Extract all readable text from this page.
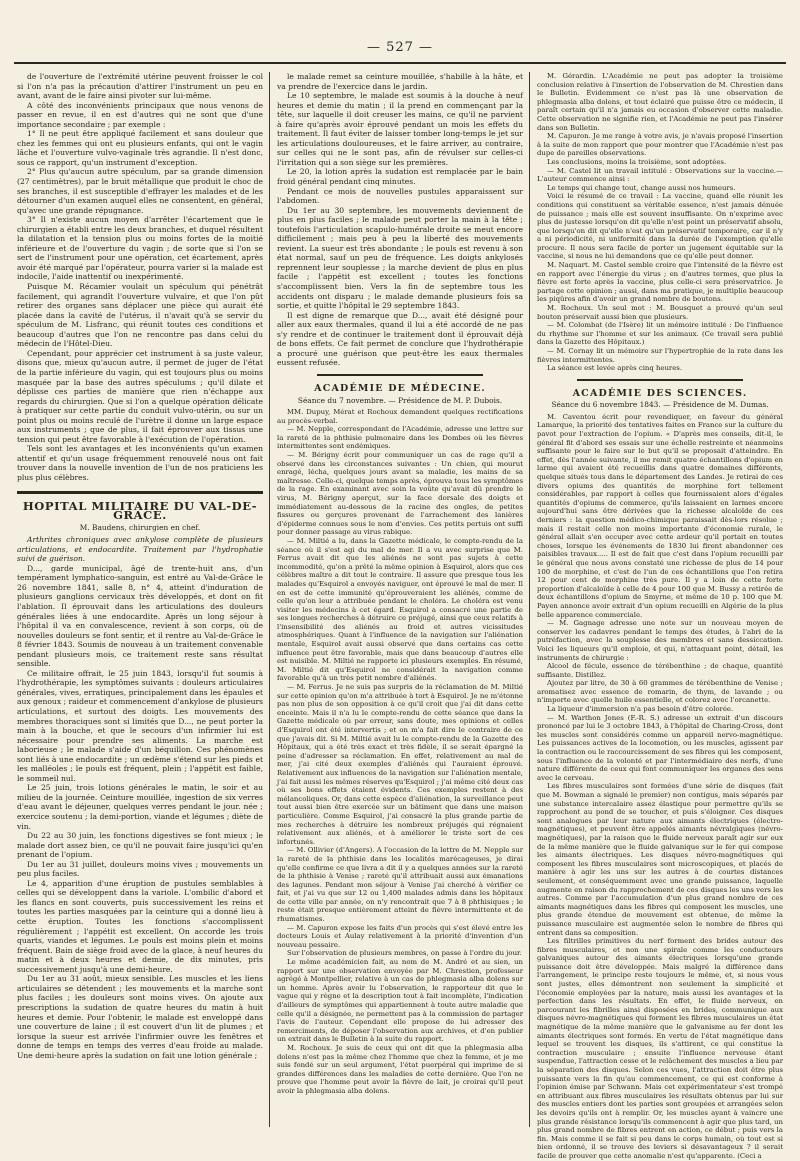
— 527 —

de l'ouverture de l'extrémité utérine peuvent froisser le col si l'on n'a pas la précaution d'attirer l'instrument un peu en avant, avant de le faire ainsi pivoter sur lui-même.

A côté des inconvénients principaux que nous venons de passer en revue, il en est d'autres qui ne sont que d'une importance secondaire ; par exemple :

1° Il ne peut être appliqué facilement et sans douleur que chez les femmes qui ont eu plusieurs enfants, qui ont le vagin lâche et l'ouverture vulvo-vaginale très agrandie. Il n'est donc, sous ce rapport, qu'un instrument d'exception.

2° Plus qu'aucun autre spéculum, par sa grande dimension (27 centimètres), par le bruit métallique que produit le choc de ses branches, il est susceptible d'effrayer les malades et de les détourner d'un examen auquel elles ne consentent, en général, qu'avec une grande répugnance.

3° Il n'existe aucun moyen d'arrêter l'écartement que le chirurgien a établi entre les deux branches, et duquel résultent la dilatation et la tension plus ou moins fortes de la moitié inférieure et de l'ouverture du vagin ; de sorte que si l'on se sert de l'instrument pour une opération, cet écartement, après avoir été marqué par l'opérateur, pourra varier si la malade est indocile, l'aide inattentif ou inexpérimenté.

Puisque M. Récamier voulait un spéculum qui pénétrât facilement, qui agrandît l'ouverture vulvaire, et que l'on pût retirer des organes sans déplacer une pièce qui aurait été placée dans la cavité de l'utérus, il n'avait qu'à se servir du spéculum de M. Lisfranc, qui réunit toutes ces conditions et beaucoup d'autres que l'on ne rencontre pas dans celui du médecin de l'Hôtel-Dieu.

Cependant, pour apprécier cet instrument à sa juste valeur, disons que, mieux qu'aucun autre, il permet de juger de l'état de la partie inférieure du vagin, qui est toujours plus ou moins masquée par la base des autres spéculums ; qu'il dilate et déplisse ces parties de manière que rien n'échappe aux regards du chirurgien. Que si l'on a quelque opération délicate à pratiquer sur cette partie du conduit vulvo-utérin, ou sur un point plus ou moins reculé de l'urètre il donne un large espace aux instruments ; que de plus, il fait éprouver aux tissus une tension qui peut être favorable à l'exécution de l'opération.

Tels sont les avantages et les inconvénients qu'un examen attentif et qu'un usage fréquemment renouvelé nous ont fait trouver dans la nouvelle invention de l'un de nos praticiens les plus plus célèbres.

HOPITAL MILITAIRE DU VAL-DE-GRACE.
M. Baudens, chirurgien en chef.

Arthrites chroniques avec ankylose complète de plusieurs articulations, et endocardite. Traitement par l'hydrophatie suivi de guérison.

D..., garde municipal, âgé de trente-huit ans, d'un tempérament lymphatico-sanguin, est entré au Val-de-Grâce le 26 novembre 1841, salle 8, n° 4, atteint d'induration de plusieurs ganglions cervicaux très développés, et dont on fit l'ablation. Il éprouvait dans les articulations des douleurs générales liées à une endocardite. Après un long séjour à l'hôpital il va en convalescence, revient à son corps, où de nouvelles douleurs se font sentir, et il rentre au Val-de-Grâce le 8 février 1843. Soumis de nouveau à un traitement convenable pendant plusieurs mois, ce traitement reste sans résultat sensible.

Ce militaire offrait, le 25 juin 1843, lorsqu'il fut soumis à l'hydrothérapie, les symptômes suivants : douleurs articulaires générales, vives, erratiques, principalement dans les épaules et aux genoux ; raideur et commencement d'ankylose de plusieurs articulations, et surtout des doigts. Les mouvements des membres thoraciques sont si limités que D..., ne peut porter la main à la bouche, et que le secours d'un infirmier lui est nécessaire pour prendre ses aliments. La marche est laborieuse ; le malade s'aide d'un béquillon. Ces phénomènes sont liés à une endocardite ; un œdème s'étend sur les pieds et les malléoles ; le pouls est fréquent, plein ; l'appétit est faible, le sommeil nul.

Le 25 juin, trois lotions générales le matin, le soir et au milieu de la journée. Ceinture mouillée, ingestion de six verres d'eau avant le déjeuner, quelques verres pendant le jour. née ; exercice soutenu ; la demi-portion, viande et légumes ; diète de vin.

Du 22 au 30 juin, les fonctions digestives se font mieux ; le malade dort assez bien, ce qu'il ne pouvait faire jusqu'ici qu'en prenant de l'opium.

Du 1er au 31 juillet, douleurs moins vives ; mouvements un peu plus faciles.

Le 4, apparition d'une éruption de pustules semblables à celles qui se développent dans la variole. L'ombilic d'abord et les flancs en sont couverts, puis successivement les reins et toutes les parties masquées par la ceinture qui a donné lieu à cette éruption. Toutes les fonctions s'accomplissent régulièrement ; l'appétit est excellent. On accorde les trois quarts, viandes et légumes. Le pouls est moins plein et moins fréquent. Bain de siège froid avec de la glace, à neuf heures du matin et à deux heures et demie, de dix minutes, pris successivement jusqu'à une demi-heure.

Du 1er au 31 août, mieux sensible. Les muscles et les liens articulaires se détendent ; les mouvements et la marche sont plus faciles ; les douleurs sont moins vives. On ajoute aux prescriptions la sudation de quatre heures du matin à huit heures et demie. Pour l'obtenir, le malade est enveloppé dans une couverture de laine ; il est couvert d'un lit de plumes ; et lorsque la sueur est arrivée l'infirmier ouvre les fenêtres et donne de temps en temps des verres d'eau froide au malade. Une demi-heure après la sudation on fait une lotion générale ;

le malade remet sa ceinture mouillée, s'habille à la hâte, et va prendre de l'exercice dans le jardin.

Le 10 septembre, le malade est soumis à la douche à neuf heures et demie du matin ; il la prend en commençant par la tête, sur laquelle il doit creuser les mains, ce qu'il ne parvient à faire qu'après avoir éprouvé pendant un mois les effets du traitement. Il faut éviter de laisser tomber long-temps le jet sur les articulations douloureuses, et le faire arriver, au contraire, sur celles qui ne le sont pas, afin de révulser sur celles-ci l'irritation qui a son siège sur les premières.

Le 20, la lotion après la sudation est remplacée par le bain froid général pendant cinq minutes.

Pendant ce mois de nouvelles pustules apparaissent sur l'abdomen.

Du 1er au 30 septembre, les mouvements deviennent de plus en plus faciles ; le malade peut porter la main à la tête ; toutefois l'articulation scapulo-humérale droite se meut encore difficilement ; mais peu à peu la liberté des mouvements revient. La sueur est très abondante ; le pouls est revenu à son état normal, sauf un peu de fréquence. Les doigts ankylosés reprennent leur souplesse ; la marche devient de plus en plus facile ; l'appétit est excellent ; toutes les fonctions s'accomplissent bien. Vers la fin de septembre tous les accidents ont disparu ; le malade demande plusieurs fois sa sortie, et quitte l'hôpital le 29 septembre 1843.

Il est digne de remarque que D..., avait été désigné pour aller aux eaux thermales, quand il lui a été accordé de ne pas s'y rendre et de continuer le traitement dont il éprouvait déjà de bons effets. Ce fait permet de conclure que l'hydrothérapie a procuré une guérison que peut-être les eaux thermales eussent refusée.

ACADÉMIE DE MÉDECINE.
Séance du 7 novembre. — Présidence de M. P. Dubois.

MM. Dupuy, Mérat et Rochoux demandent quelques rectifications au procès-verbal.

— M. Nepple, correspondant de l'Académie, adresse une lettre sur la rareté de la phthisie pulmonaire dans les Dombes où les fièvres intermittentes sont endémiques.

— M. Bérigny écrit pour communiquer un cas de rage qu'il a observé dans les circonstances suivantes : Un chien, qui mourut enragé, lécha, quelques jours avant sa maladie, les mains de sa maîtresse. Celle-ci, quelque temps après, éprouva tous les symptômes de la rage. En examinant avec soin la voûte qu'avait dû prendre le virus, M. Bérigny aperçut, sur la face dorsale des doigts et immédiatement au-dessous de la racine des ongles, de petites fissures ou gerçures provenant de l'arrachement des lanières d'épiderme connues sous le nom d'envies. Ces petits pertuis ont suffi pour donner passage au virus rabique.

— M. Miltié a lu, dans la Gazette médicale, le compte-rendu de la séance où il s'est agi du mal de mer. Il a vu avec surprise que M. Ferrus avait dit que les aliénés ne sont pas sujets à cette incommodité, qu'on a prêté la même opinion à Esquirol, alors que ces célèbres maître a dit tout le contraire. Il assure que presque tous les malades qu'Esquirol a envoyés naviguer, ont éprouvé le mal de mer. Il en est de cette immunité qu'éprouveraient les aliénés, comme de celle qu'on leur a attribuée pendant le choléra. Le choléra est venu visiter les médecins à cet égard. Esquirol a consacré une partie de ses longues recherches à détruire ce préjugé, ainsi que ceux relatifs à l'insensibilité des aliénés au froid et autres vicissitudes atmosphériques. Quant à l'influence de la navigation sur l'aliénation mentale, Esquirol avait aussi observé que dans certains cas cette influence peut être favorable, mais que dans beaucoup d'autres elle est nuisible. M. Miltié ne rapporte ici plusieurs exemples. En résumé, M. Miltié dit qu'Esquirol ne considérait la navigation comme favorable qu'à un très petit nombre d'aliénés.

— M. Ferrus. Je ne suis pas surpris de la réclamation de M. Miltié sur cette opinion qu'on m'a attribuée à tort à Esquirol. Je ne m'étonne pas non plus de son opposition à ce qu'il croit que j'ai dit dans cette enceinte. Mais il n'a lu le compte-rendu de cette séance que dans la Gazette médicale où par erreur, sans doute, mes opinions et celles d'Esquirol ont été intervertis ; et on m'a fait dire le contraire de ce que j'avais dit. Si M. Miltié avait lu le compte-rendu de la Gazette des Hôpitaux, qui a été très exact et très fidèle, il se serait épargné la peine d'adresser sa réclamation. En effet, relativement au mal de mer, j'ai cité deux exemples d'aliénés qui l'auraient éprouvé. Relativement aux influences de la navigation sur l'aliénation mentale, j'ai fait aussi les mêmes réserves qu'Esquirol ; j'ai même cité deux cas où ses bons effets étaient évidents. Ces exemples restent à des mélancoliques. Or, dans cette espèce d'aliénation, la surveillance peut tout aussi bien être exercée sur un bâtiment que dans une maison particulière. Comme Esquirol, j'ai consacré la plus grande partie de mes recherches à détruire les nombreux préjugés qui régnaient relativement aux aliénés, et à améliorer le triste sort de ces infortunés.

— M. Ollivier (d'Angers). A l'occasion de la lettre de M. Nepple sur la rareté de la phthisie dans les localités marécageuses, je dirai qu'elle confirme ce que livra a dit il y a quelques années sur la rareté de la phthisie à Venise ; rareté qu'il attribuait aussi aux émanations des lagunes. Pendant mon séjour à Venise j'ai cherché à vérifier ce fait, et j'ai vu que sur 12 ou 1,400 malades admis dans les hôpitaux de cette ville par année, on n'y rencontrait que 7 à 8 phthisiques ; le reste était presque entièrement atteint de fièvre intermittente et de rhumatismes.

— M. Capuron expose les faits d'un procès qui s'est élevé entre les docteurs Louis et Aulay relativement à la priorité d'invention d'un nouveau pessaire.

Sur l'observation de plusieurs membres, on passe à l'ordre du jour.

Le même académicien fait, au nom de M. André et au sien, un rapport sur une observation envoyée par M. Chrestien, professeur agrégé à Montpellier, relative à un cas de phlegmasia alba dolens sur un homme. Après avoir lu l'observation, le rapporteur dit que le vague qui y règne et la description tout à fait incomplète, l'indication d'ailleurs de symptômes qui appartiennent à toute autre maladie que celle qu'il a désignée, ne permettent pas à la commission de partager l'avis de l'auteur. Cependant elle propose de lui adresser des remerciments, de déposer l'observation aux archives, et d'en publier un extrait dans le Bulletin à la suite du rapport.

M. Rochoux. Je suis de ceux qui ont dit que la phlegmasia alba dolens n'est pas la même chez l'homme que chez la femme, et je me suis fondé sur un seul argument, l'état puerpéral qui imprime de si grandes différences dans les maladies de cette dernière. Que l'on ne prouve que l'homme peut avoir la fièvre de lait, je croirai qu'il peut avoir la phlegmasia alba dolens.

M. Gérardin. L'Académie ne peut pas adopter la troisième conclusion relative à l'insertion de l'observation de M. Chrestien dans le Bulletin. Évidemment ce n'est pas là une observation de phlegmasia alba dolens, et tout éclairé que puisse être ce médecin, il paraît certain qu'il n'a jamais eu occasion d'observer cette maladie. Cette observation ne signifie rien, et l'Académie ne peut pas l'insérer dans son Bulletin.

M. Capuron. Je me range à votre avis, je n'avais proposé l'insertion à la suite de mon rapport que pour montrer que l'Académie n'est pas dupe de pareilles observations.

Les conclusions, moins la troisième, sont adoptées.

— M. Castel lit un travail intitulé : Observations sur la vaccine.— L'auteur commence ainsi :

Le temps qui change tout, change aussi nos humeurs.

Voici le résumé de ce travail : La vaccine, quand elle réunit les conditions qui constituent sa véritable essence, n'est jamais dénuée de puissance ; mais elle est souvent insuffisante. On n'exprime avec plus de justesse lorsqu'on dit qu'elle n'est point un préservatif absolu, que lorsqu'on dit qu'elle n'est qu'un préservatif temporaire, car il n'y a ni périodicité, ni uniformité dans la durée de l'exemption qu'elle procure. Il nous sera facile de porter un jugement équitable sur la vaccine, si nous ne lui demandons que ce qu'elle peut donner.

M. Naquart. M. Castel semble croire que l'intensité de la fièvre est en rapport avec l'énergie du virus ; en d'autres termes, que plus la fièvre est forte après la vaccine, plus celle-ci sera préservatrice. Je partage cette opinion ; aussi, dans ma pratique, je multiplie beaucoup les piqûres afin d'avoir un grand nombre de boutons.

M. Rochoux. Un seul mot : M. Bousquet a prouvé qu'un seul bouton préservait aussi bien que plusieurs.

— M. Colombat (de l'Isère) lit un mémoire intitulé : De l'influence du rhythme sur l'homme et sur les animaux. (Ce travail sera publié dans la Gazette des Hôpitaux.)

— M. Cornay lit un mémoire sur l'hypertrophie de la rate dans les fièvres intermittentes.

La séance est levée après cinq heures.

ACADÉMIE DES SCIENCES.
Séance du 6 novembre 1843. — Présidence de M. Dumas.

M. Caventou écrit pour revendiquer, en faveur du général Lamarque, la priorité des tentatives faites en France sur la culture du pavot pour l'extraction de l'opium. « D'après mes conseils, dit-il, le général fit d'abord ses essais sur une échelle restreinte et néanmoins suffisante pour le faire sur le but qu'il se proposait d'atteindre. En effet, dès l'année suivante, il me remit quatre échantillons d'opium en larme qui avaient été recueillis dans quatre domaines différents, quelque situés tous dans le département des Landes. Je retirai de ces divers opiums des quantités de morphine fort tellement considérables, par rapport à celles que fournissaient alors d'égales quantités d'opiums de commerce, qu'ils laissaient en larmes encore aujourd'hui sans être dérivées que la richesse alcaloïde de ces derniers : la question médico-chimique paraissait dès-lors résolue ; mais il restait celle non moins importante d'économie rurale, le général allait s'en occuper avec cette ardeur qu'il portait en toutes choses, lorsque les événements de 1830 lui firent abandonner ces paisibles travaux..... Il est de fait que c'est dans l'opium recueilli par le général que nous avons constaté une richesse de plus de 14 pour 100 de morphine, et c'est de l'un de ces échantillons que l'on retira 12 pour cent de morphine très pure. Il y a loin de cette forte proportion d'alcaloïde à celle de 4 pour 100 que M. Bussy a retirée de deux échantillons d'opium de Smyrne, et même de 10 p. 100 que M. Payen annonce avoir extrait d'un opium recueilli en Algérie de la plus belle apparence commerciale.

— M. Gagnage adresse une note sur un nouveau moyen de conserver les cadavres pendant le temps des études, à l'abri de la putréfaction, avec la souplesse des membres et sans dessiccation. Voici les liqueurs qu'il emploie, et qui, n'attaquant point, détail, les instruments de chirurgie :

Alcool de fécule, essence de térébenthine ; de chaque, quantité suffisante. Distillez.

Ajoutez par litre, de 30 à 60 grammes de térébenthine de Venise ; aromatisez avec essence de romarin, de thym, de lavande ; ou n'importe avec quelle huile essentielle, et colorez avec l'orcanette.

La liqueur d'immersion n'a pas besoin d'être colorée.

— M. Warthon Jones (F.-R. S.) adresse un extrait d'un discours prononcé par lui le 3 octobre 1843, à l'hôpital de Charing-Cross, dont les muscles sont considérés comme un appareil nervo-magnétique. Les puissances actives de la locomotion, ou les muscles, agissent par la contraction ou le raccourcissement de ses fibres qui les composent, sous l'influence de la volonté et par l'intermédiaire des nerfs, d'une nature différente de ceux qui font communiquer les organes des sens avec le cerveau.

Les fibres musculaires sont formées d'une série de disques (fait que M. Bowman a signalé le premier) non contigus, mais séparés par une substance intercalaire assez élastique pour permettre qu'ils se rapprochent au pond de se toucher, et puis s'éloigner. Ces disques sont analogues par leur nature aux aimants électriques (électro-magnétiques), et peuvent être appelés aimants névralgiques (névro-magnétiques), par la raison que le fluide nerveux paraît agir sur eux de la même manière que le fluide galvanique sur le fer qui compose les aimants électriques. Les disques névro-magnétiques qui composent les fibres musculaires sont microscopiques, et placés de manière à agir les uns sur les autres à de courtes distances seulement, et conséquemment avec une grande puissance, laquelle augmente en raison du rapprochement de ces disques les uns vers les autres. Comme par l'accumulation d'un plus grand nombre de ces aimants magnétiques dans les fibres qui composent les muscles, une plus grande étendue de mouvement est obtenue, de même la puissance musculaire est augmentée selon le nombre de fibres qui entrent dans sa composition.

Les filtrilles primitives du nerf forment des brides autour des fibres musculaires, et non une spirale comme les conducteurs galvaniques autour des aimants électriques lorsqu'une grande puissance doit être développée. Mais malgré la différence dans l'arrangement, le principe reste toujours le même, et, si nous vous sont justes, elles démontrent non seulement la simplicité et l'économie employées par la nature, mais aussi les avantages et la perfection dans les résultats. En effet, le fluide nerveux, en parcourant les fibrilles ainsi disposées en brides, communique aux disques névro-magnétiques qui forment les fibres musculaires un état magnétique de la même manière que le galvanisme au fer dont les aimants électriques sont formés. En vertu de l'état magnétique dans lequel se trouvent les disques, ils s'attirent, ce qui constitue la contraction musculaire ; ensuite l'influence nerveuse étant suspendue, l'attraction cesse et le relâchement des muscles a lieu par la séparation des disques. Selon ces vues, l'attraction doit être plus puissante vers la fin qu'au commencement, ce qui est conforme à l'opinion émise par Schwann. Mais cet expérimentateur s'est trompé en attribuant aux fibres musculaires les résultats obtenus par lui sur des muscles entiers dont les parties sont groupées et arrangées selon les devoirs qu'ils ont à remplir. Or, les muscles ayant à vaincre une plus grande résistance lorsqu'ils commencent à agir que plus tard, un plus grand nombre de fibres entrent en action, ce début ; puis vers la fin. Mais comme il se fait si peu dans le corps humain, où tout est si bien ordonné, il se trouve des leviers si désavantageux ? il serait facile de prouver que cette anomalie n'est qu'apparente. (Ceci a
